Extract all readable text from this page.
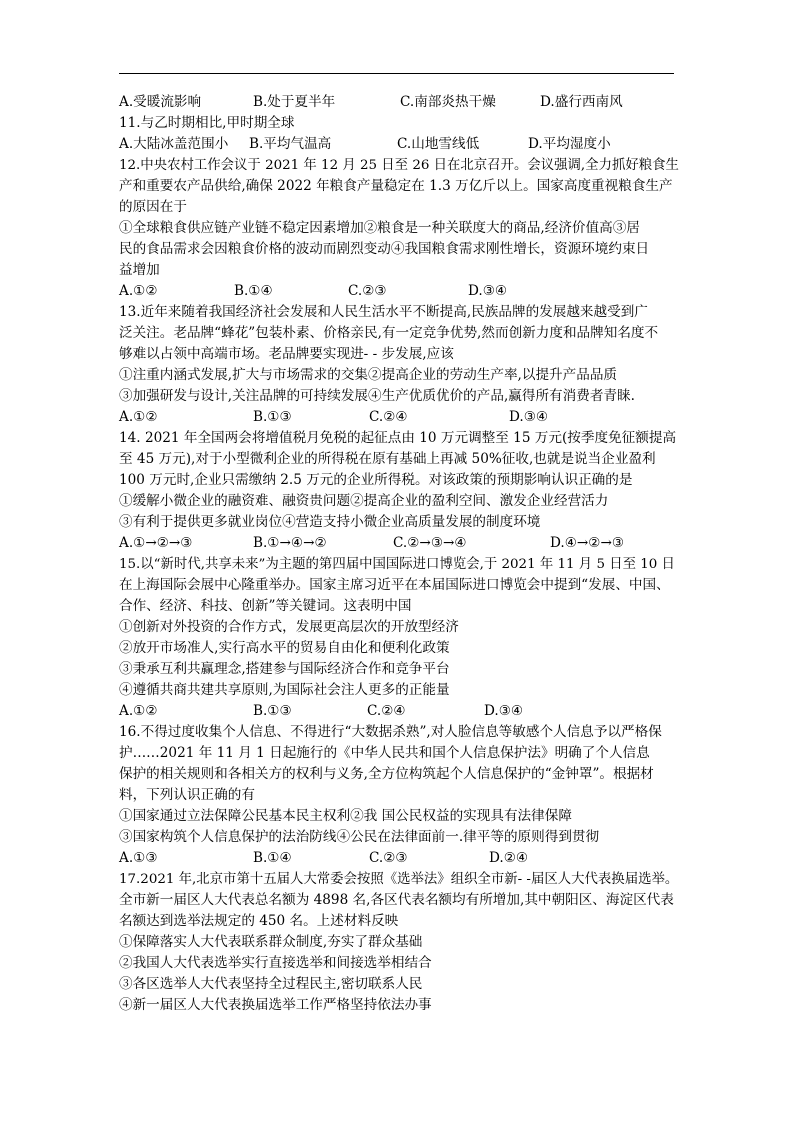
A.受暖流影响	B.处于夏半年	C.南部炎热干燥	D.盛行西南风
11.与乙时期相比,甲时期全球
A.大陆冰盖范围小	B.平均气温高	C.山地雪线低	D.平均湿度小
12.中央农村工作会议于 2021 年 12 月 25 日至 26 日在北京召开。会议强调,全力抓好粮食生
产和重要农产品供给,确保 2022 年粮食产量稳定在 1.3 万亿斤以上。国家高度重视粮食生产
的原因在于
①全球粮食供应链产业链不稳定因素增加②粮食是一种关联度大的商品,经济价值高③居
民的食品需求会因粮食价格的波动而剧烈变动④我国粮食需求刚性增长，资源环境约束日
益增加
A.①②	B.①④	C.②③	D.③④
13.近年来随着我国经济社会发展和人民生活水平不断提高,民族品牌的发展越来越受到广
泛关注。老品牌“蜂花”包装朴素、价格亲民,有一定竞争优势,然而创新力度和品牌知名度不
够难以占领中高端市场。老品牌要实现进- - 步发展,应该
①注重内涵式发展,扩大与市场需求的交集②提高企业的劳动生产率,以提升产品品质
③加强研发与设计,关注品牌的可持续发展④生产优质优价的产品,赢得所有消费者青睐.
A.①②	B.①③	C.②④	D.③④
14. 2021 年全国两会将增值税月免税的起征点由 10 万元调整至 15 万元(按季度免征额提高
至 45 万元),对于小型微利企业的所得税在原有基础上再减 50%征收,也就是说当企业盈利
100 万元时,企业只需缴纳 2.5 万元的企业所得税。对该政策的预期影响认识正确的是
①缓解小微企业的融资难、融资贵问题②提高企业的盈利空间、激发企业经营活力
③有利于提供更多就业岗位④营造支持小微企业高质量发展的制度环境
A.①→②→③	B.①→④→②	C.②→③→④	D.④→②→③
15.以“新时代,共享未来”为主题的第四届中国国际进口博览会,于 2021 年 11 月 5 日至 10 日
在上海国际会展中心隆重举办。国家主席习近平在本届国际进口博览会中提到“发展、中国、
合作、经济、科技、创新”等关键词。这表明中国
①创新对外投资的合作方式，发展更高层次的开放型经济
②放开市场准人,实行高水平的贸易自由化和便利化政策
③秉承互利共赢理念,搭建参与国际经济合作和竞争平台
④遵循共商共建共享原则,为国际社会注人更多的正能量
A.①②	B.①③	C.②④	D.③④
16.不得过度收集个人信息、不得进行“大数据杀熟”,对人脸信息等敏感个人信息予以严格保
护……2021 年 11 月 1 日起施行的《中华人民共和国个人信息保护法》明确了个人信息
保护的相关规则和各相关方的权利与义务,全方位构筑起个人信息保护的“金钟罩”。根据材
料，下列认识正确的有
①国家通过立法保障公民基本民主权利②我 国公民权益的实现具有法律保障
③国家构筑个人信息保护的法治防线④公民在法律面前一.律平等的原则得到贯彻
A.①③	B.①④	C.②③	D.②④
17.2021 年,北京市第十五届人大常委会按照《选举法》组织全市新- -届区人大代表换届选举。
全市新一届区人大代表总名额为 4898 名,各区代表名额均有所增加,其中朝阳区、海淀区代表
名额达到选举法规定的 450 名。上述材料反映
①保障落实人大代表联系群众制度,夯实了群众基础
②我国人大代表选举实行直接选举和间接选举相结合
③各区选举人大代表坚持全过程民主,密切联系人民
④新一届区人大代表换届选举工作严格坚持依法办事
